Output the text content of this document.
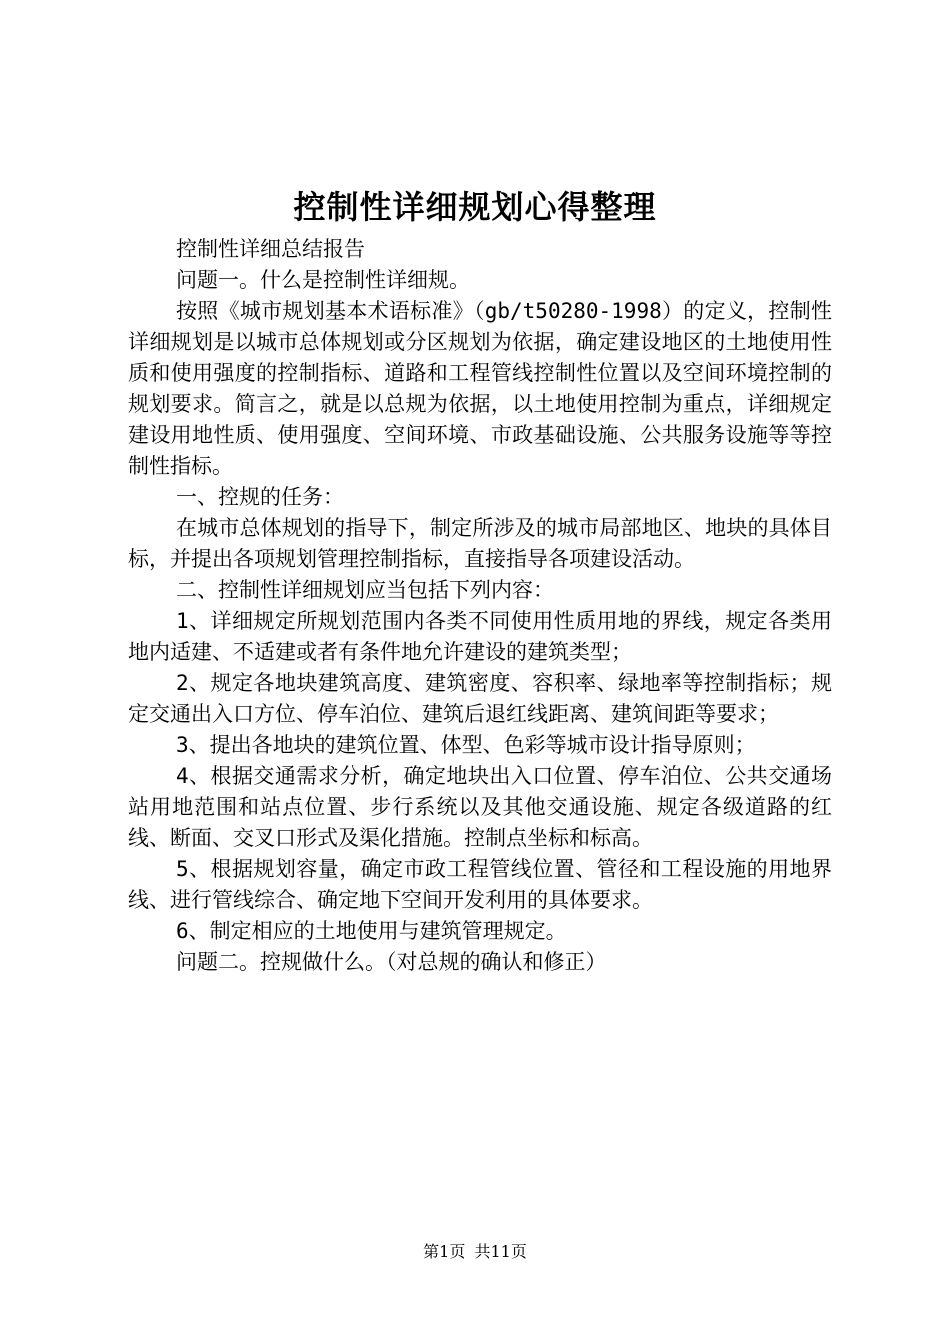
控制性详细规划心得整理

控制性详细总结报告

问题一。什么是控制性详细规。

按照《城市规划基本术语标准》（gb/t50280-1998）的定义，控制性详细规划是以城市总体规划或分区规划为依据，确定建设地区的土地使用性质和使用强度的控制指标、道路和工程管线控制性位置以及空间环境控制的规划要求。简言之，就是以总规为依据，以土地使用控制为重点，详细规定建设用地性质、使用强度、空间环境、市政基础设施、公共服务设施等等控制性指标。

一、控规的任务：

在城市总体规划的指导下，制定所涉及的城市局部地区、地块的具体目标，并提出各项规划管理控制指标，直接指导各项建设活动。

二、控制性详细规划应当包括下列内容：

1、详细规定所规划范围内各类不同使用性质用地的界线，规定各类用地内适建、不适建或者有条件地允许建设的建筑类型；

2、规定各地块建筑高度、建筑密度、容积率、绿地率等控制指标；规定交通出入口方位、停车泊位、建筑后退红线距离、建筑间距等要求；

3、提出各地块的建筑位置、体型、色彩等城市设计指导原则；

4、根据交通需求分析，确定地块出入口位置、停车泊位、公共交通场站用地范围和站点位置、步行系统以及其他交通设施、规定各级道路的红线、断面、交叉口形式及渠化措施。控制点坐标和标高。

5、根据规划容量，确定市政工程管线位置、管径和工程设施的用地界线、进行管线综合、确定地下空间开发利用的具体要求。

6、制定相应的土地使用与建筑管理规定。

问题二。控规做什么。（对总规的确认和修正）

第1页 共11页
